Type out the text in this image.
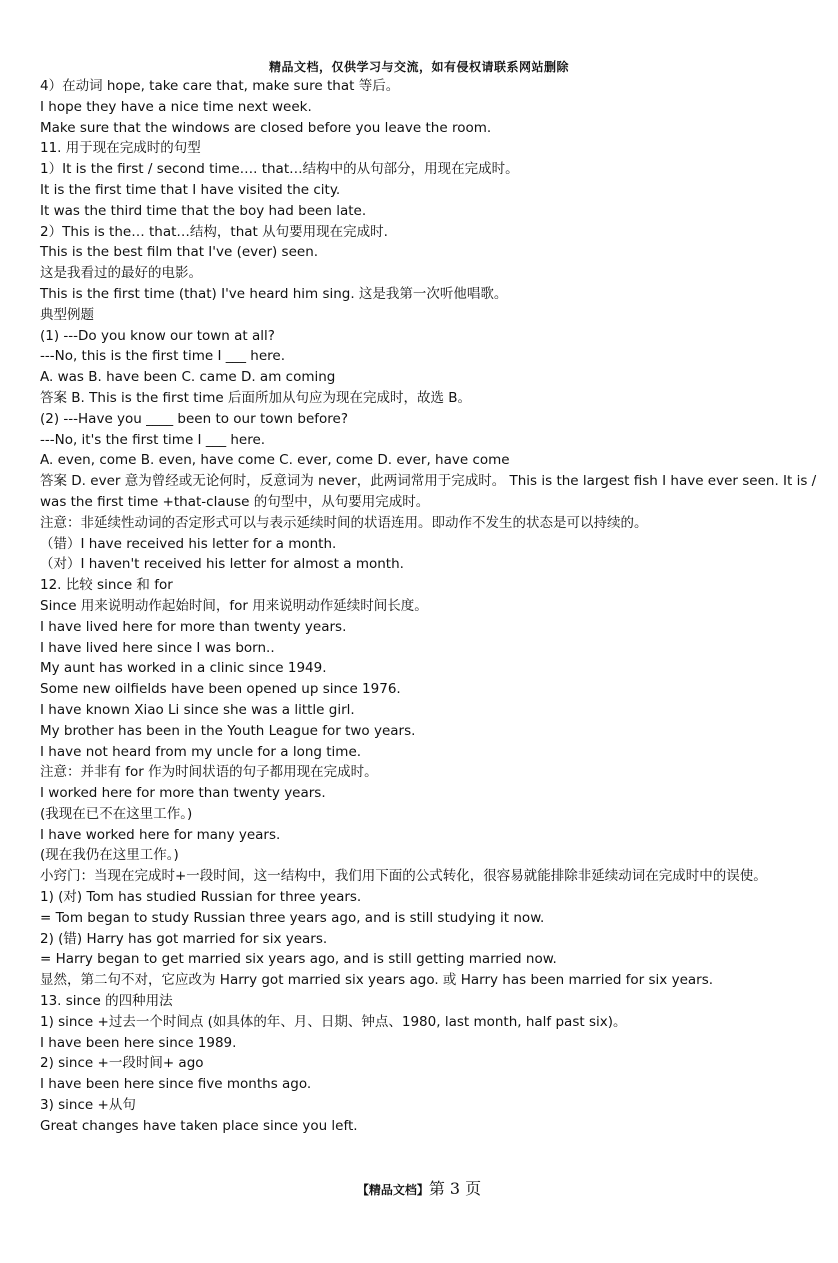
精品文档，仅供学习与交流，如有侵权请联系网站删除
4）在动词 hope, take care that, make sure that 等后。
I hope they have a nice time next week.
Make sure that the windows are closed before you leave the room.
11. 用于现在完成时的句型
1）It is the first / second time…. that…结构中的从句部分，用现在完成时。
It is the first time that I have visited the city.
It was the third time that the boy had been late.
2）This is the… that…结构，that 从句要用现在完成时.
This is the best film that I've (ever) seen.
这是我看过的最好的电影。
This is the first time (that) I've heard him sing. 这是我第一次听他唱歌。
典型例题
(1) ---Do you know our town at all?
---No, this is the first time I ___ here.
A. was B. have been C. came D. am coming
答案 B. This is the first time 后面所加从句应为现在完成时，故选 B。
(2) ---Have you ____ been to our town before?
---No, it's the first time I ___ here.
A. even, come B. even, have come C. ever, come D. ever, have come
答案 D. ever 意为曾经或无论何时，反意词为 never，此两词常用于完成时。 This is the largest fish I have ever seen. It is / was the first time +that-clause 的句型中，从句要用完成时。
注意：非延续性动词的否定形式可以与表示延续时间的状语连用。即动作不发生的状态是可以持续的。
（错）I have received his letter for a month.
（对）I haven't received his letter for almost a month.
12. 比较 since 和 for
Since 用来说明动作起始时间，for 用来说明动作延续时间长度。
I have lived here for more than twenty years.
I have lived here since I was born..
My aunt has worked in a clinic since 1949.
Some new oilfields have been opened up since 1976.
I have known Xiao Li since she was a little girl.
My brother has been in the Youth League for two years.
I have not heard from my uncle for a long time.
注意：并非有 for 作为时间状语的句子都用现在完成时。
I worked here for more than twenty years.
(我现在已不在这里工作。)
I have worked here for many years.
(现在我仍在这里工作。)
小窍门：当现在完成时+一段时间，这一结构中，我们用下面的公式转化，很容易就能排除非延续动词在完成时中的误使。
1) (对) Tom has studied Russian for three years.
= Tom began to study Russian three years ago, and is still studying it now.
2) (错) Harry has got married for six years.
= Harry began to get married six years ago, and is still getting married now.
显然，第二句不对，它应改为 Harry got married six years ago. 或 Harry has been married for six years.
13. since 的四种用法
1) since +过去一个时间点 (如具体的年、月、日期、钟点、1980, last month, half past six)。
I have been here since 1989.
2) since +一段时间+ ago
I have been here since five months ago.
3) since +从句
Great changes have taken place since you left.
【精品文档】第 3 页
